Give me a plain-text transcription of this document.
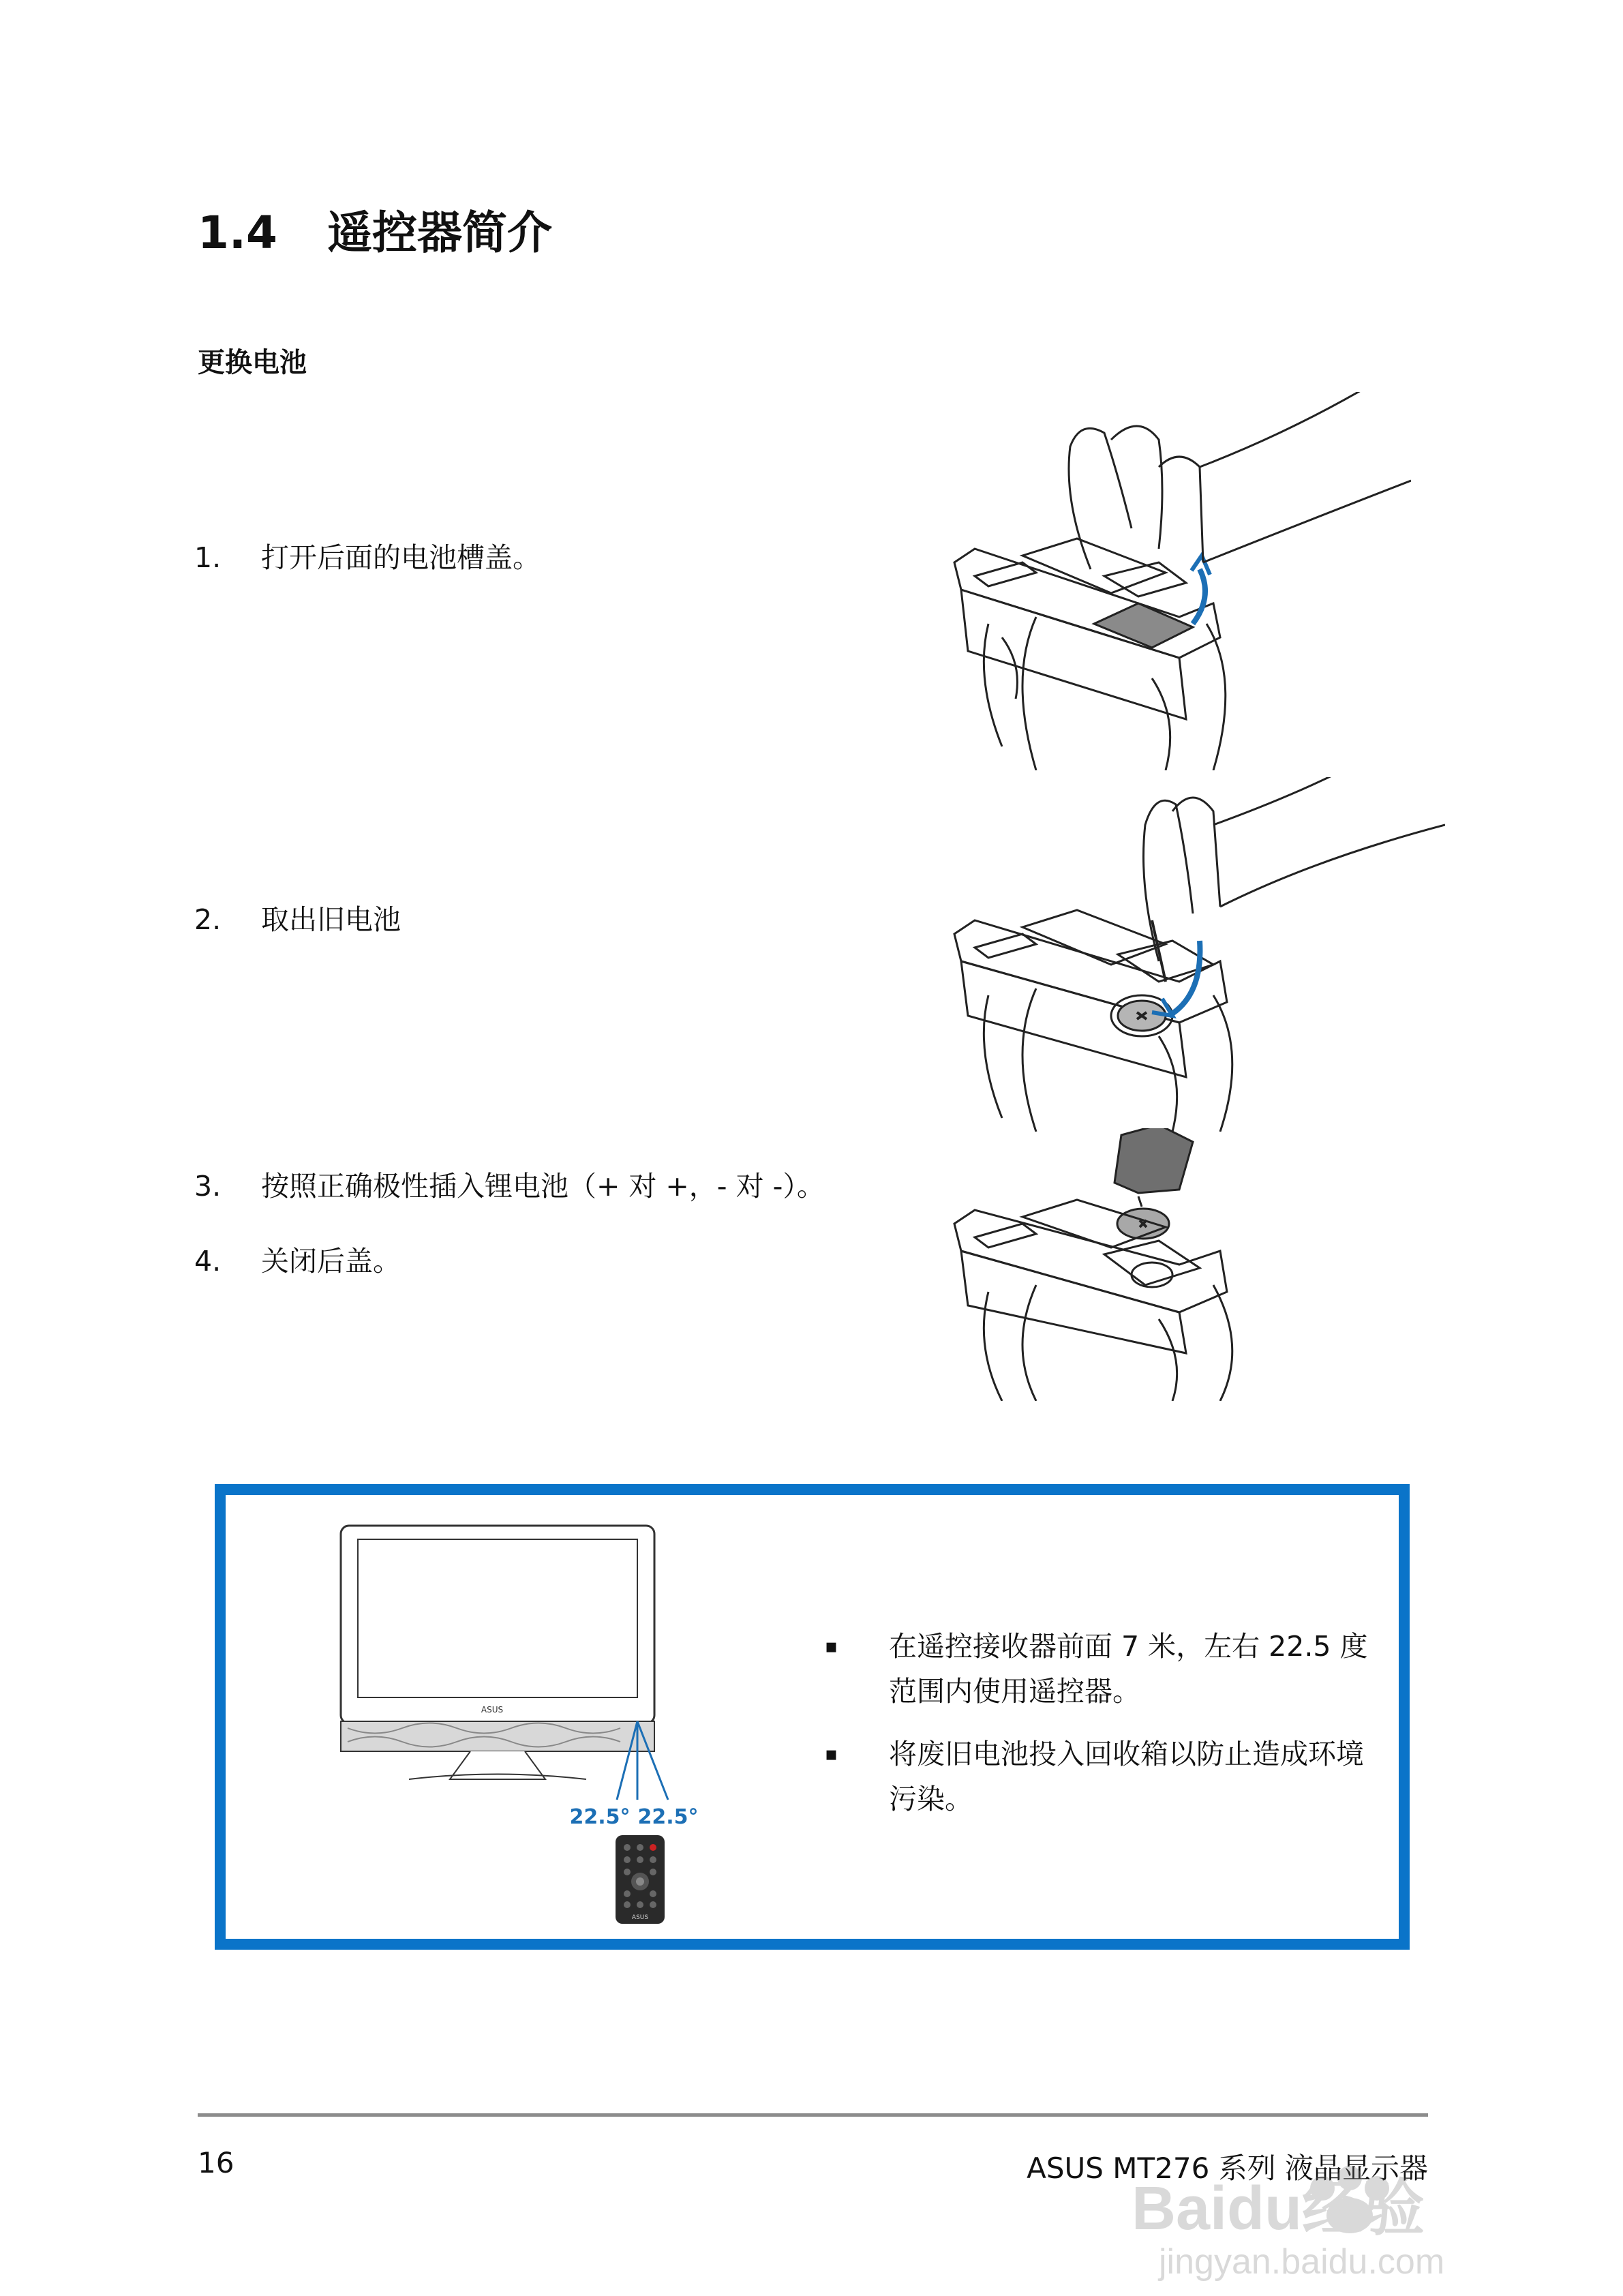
1.4 遥控器简介
更换电池
1. 打开后面的电池槽盖。
2. 取出旧电池
3. 按照正确极性插入锂电池（+ 对 +，- 对 -）。
4. 关闭后盖。
ASUS
22.5° 22.5°
ASUS
▪ 在遥控接收器前面 7 米，左右 22.5 度范围内使用遥控器。
▪ 将废旧电池投入回收箱以防止造成环境污染。
16	ASUS MT276 系列 液晶显示器
Baidu经验
jingyan.baidu.com
